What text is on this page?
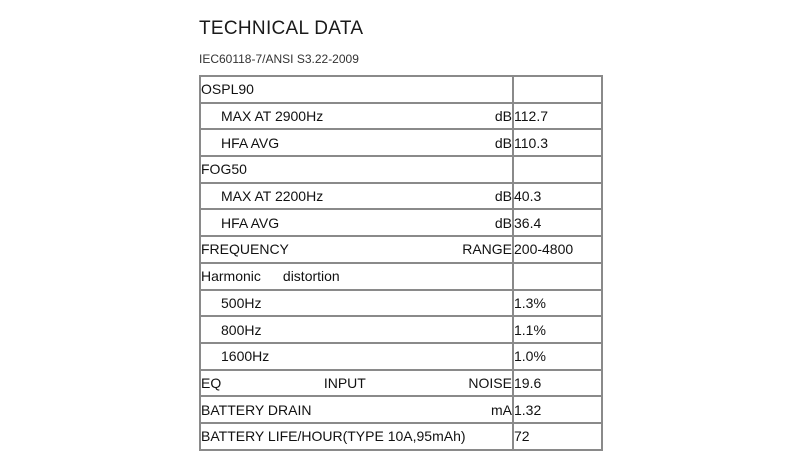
TECHNICAL DATA
IEC60118-7/ANSI S3.22-2009
OSPL90	

MAX AT 2900Hz dB	112.7

HFA AVG dB	110.3

FOG50	

MAX AT 2200Hz dB	40.3

HFA AVG dB	36.4

FREQUENCY RANGE	200-4800

Harmonic distortion	

500Hz	1.3%

800Hz	1.1%

1600Hz	1.0%

EQ INPUT NOISE	19.6

BATTERY DRAIN mA	1.32

BATTERY LIFE/HOUR(TYPE 10A,95mAh)	72
